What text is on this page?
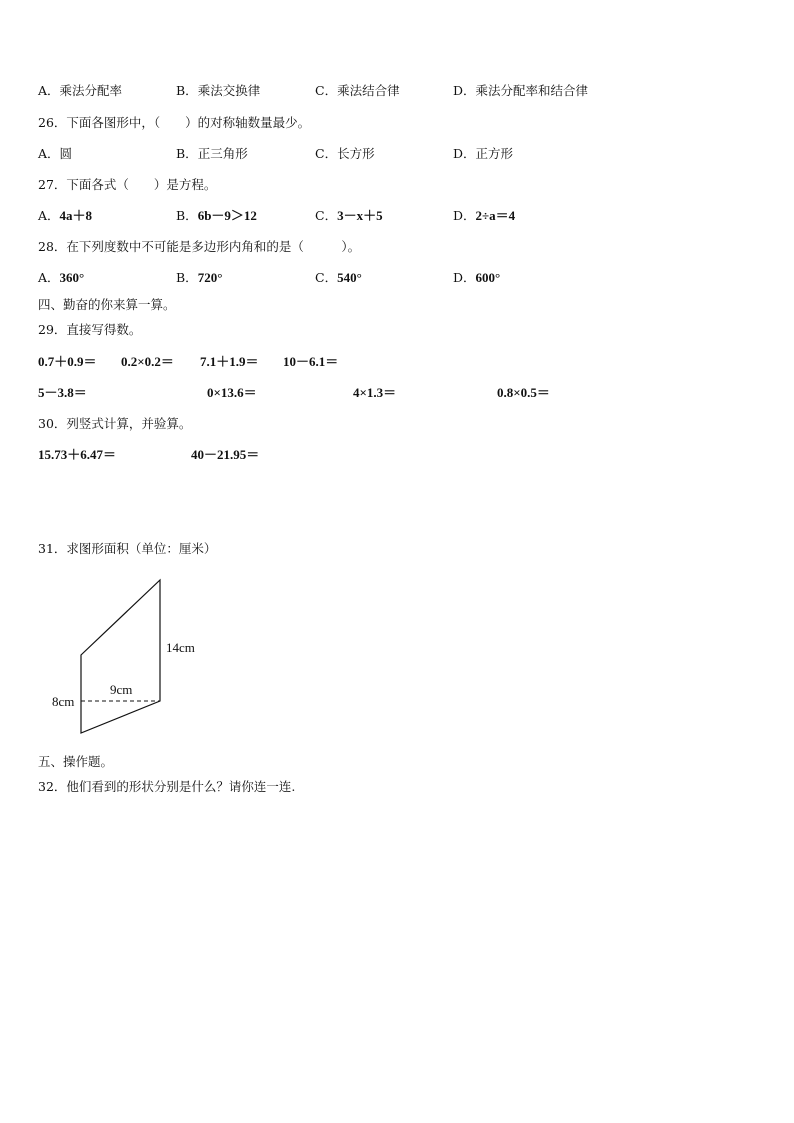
A．乘法分配率	B．乘法交换律	C．乘法结合律	D．乘法分配率和结合律
26．下面各图形中，（　　）的对称轴数量最少。
A．圆	B．正三角形	C．长方形	D．正方形
27．下面各式（　　）是方程。
A．4a＋8	B．6b－9＞12	C．3－x＋5	D．2÷a＝4
28．在下列度数中不可能是多边形内角和的是（　　　）。
A．360°	B．720°	C．540°	D．600°
四、勤奋的你来算一算。
29．直接写得数。
0.7＋0.9＝ 0.2×0.2＝ 7.1＋1.9＝ 10－6.1＝
5－3.8＝	0×13.6＝	4×1.3＝	0.8×0.5＝
30．列竖式计算，并验算。
15.73＋6.47＝	40－21.95＝
31．求图形面积（单位：厘米）
14cm
9cm
8cm
五、操作题。
32．他们看到的形状分别是什么？请你连一连.
